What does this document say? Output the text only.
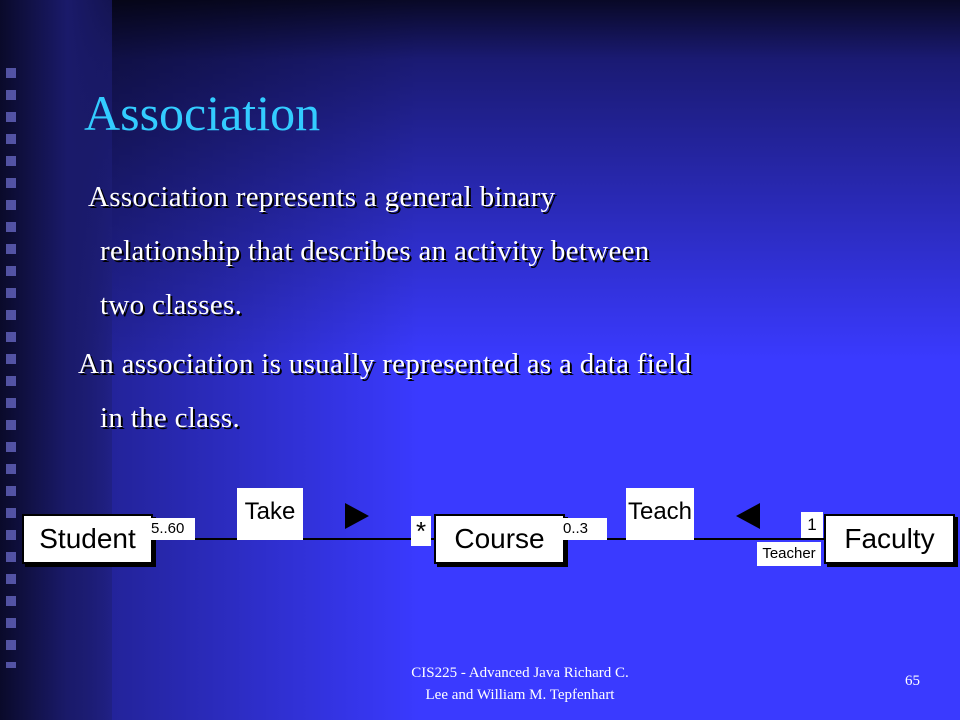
Association
Association represents a general binary
relationship that describes an activity between
two classes.
An association is usually represented as a data field
in the class.
Student	Course	Faculty
Take	Teach
5..60	*	0..3	1
Teacher
CIS225 - Advanced Java Richard C.
Lee and William M. Tepfenhart
65
